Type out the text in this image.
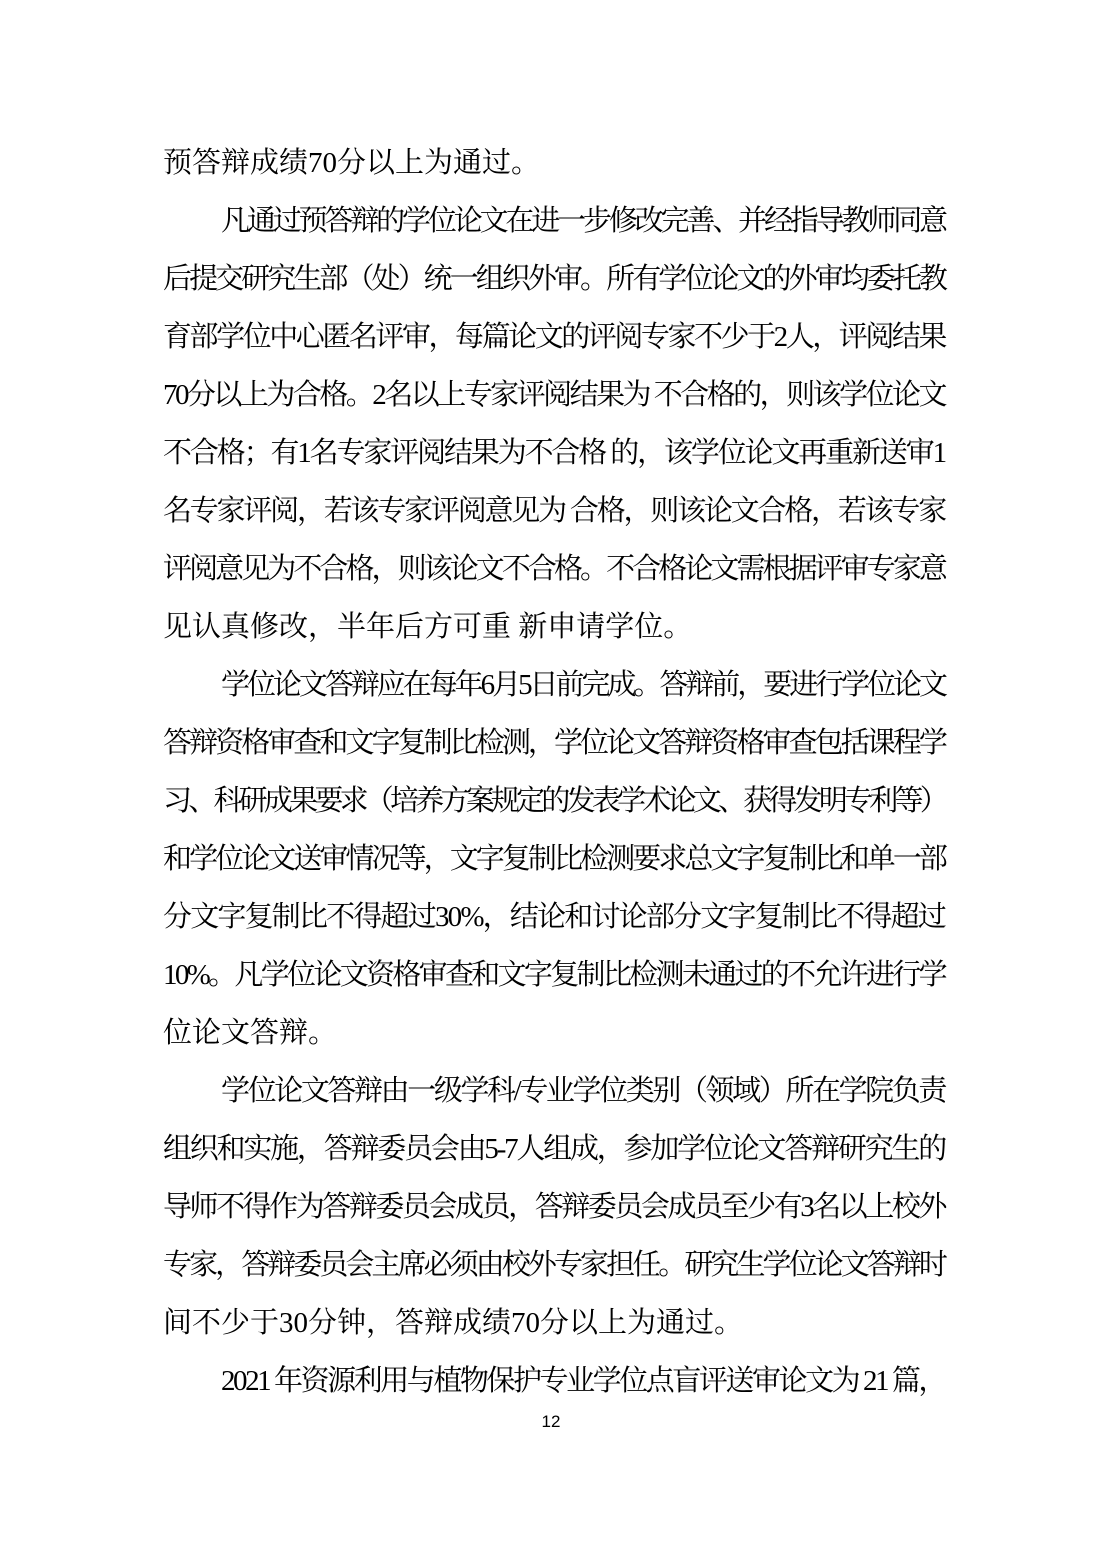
预答辩成绩70分以上为通过。
凡通过预答辩的学位论文在进一步修改完善、并经指导教师同意
后提交研究生部（处）统一组织外审。所有学位论文的外审均委托教
育部学位中心匿名评审，每篇论文的评阅专家不少于2人，评阅结果
70分以上为合格。2名以上专家评阅结果为 不合格的，则该学位论文
不合格；有1名专家评阅结果为不合格 的，该学位论文再重新送审1
名专家评阅，若该专家评阅意见为 合格，则该论文合格，若该专家
评阅意见为不合格，则该论文不合格。不合格论文需根据评审专家意
见认真修改，半年后方可重 新申请学位。
学位论文答辩应在每年6月5日前完成。答辩前，要进行学位论文
答辩资格审查和文字复制比检测，学位论文答辩资格审查包括课程学
习、科研成果要求（培养方案规定的发表学术论文、获得发明专利等）
和学位论文送审情况等，文字复制比检测要求总文字复制比和单一部
分文字复制比不得超过30%，结论和讨论部分文字复制比不得超过
10%。凡学位论文资格审查和文字复制比检测未通过的不允许进行学
位论文答辩。
学位论文答辩由一级学科/专业学位类别（领域）所在学院负责
组织和实施，答辩委员会由5-7人组成，参加学位论文答辩研究生的
导师不得作为答辩委员会成员，答辩委员会成员至少有3名以上校外
专家，答辩委员会主席必须由校外专家担任。研究生学位论文答辩时
间不少于30分钟，答辩成绩70分以上为通过。
2021 年资源利用与植物保护专业学位点盲评送审论文为 21 篇，
12
